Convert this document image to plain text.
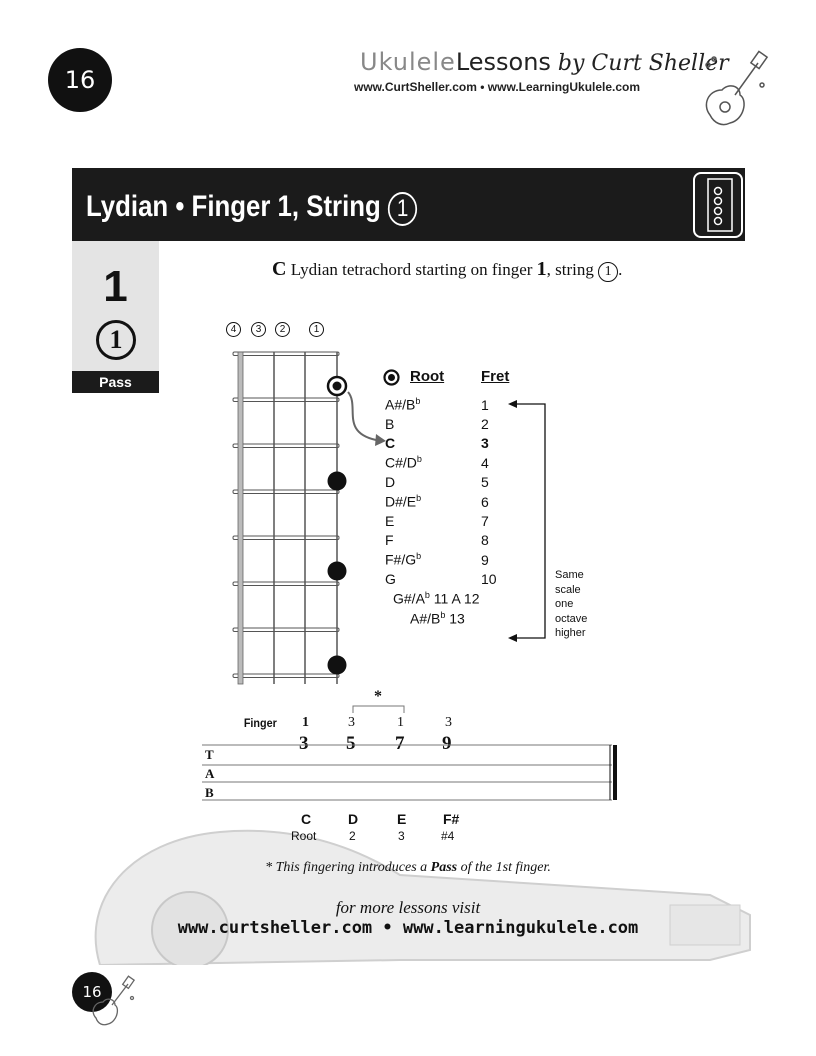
16
UkuleleLessons by Curt Sheller
www.CurtSheller.com • www.LearningUkulele.com
Lydian • Finger 1, String 1
1
1
Pass
C Lydian tetrachord starting on finger 1, string 1 .
4	3	2	1
Root Fret
$A\#/B^b$	1
B	2
C	3
$C\#/D^b$	4
D	5
$D\#/E^b$	6
E	7
F	8
$F\#/G^b$	9
G	10
$G\#/A^b$ 11 A 12
$A\#/B^b$ 13
Same
scale
one
octave
higher
*
Finger 1	3	1	3
3 5 7 9
T
A
B
C	D	E	F#
Root	2	3	#4
* This fingering introduces a Pass of the 1st finger.
for more lessons visit
www.curtsheller.com • www.learningukulele.com
16
